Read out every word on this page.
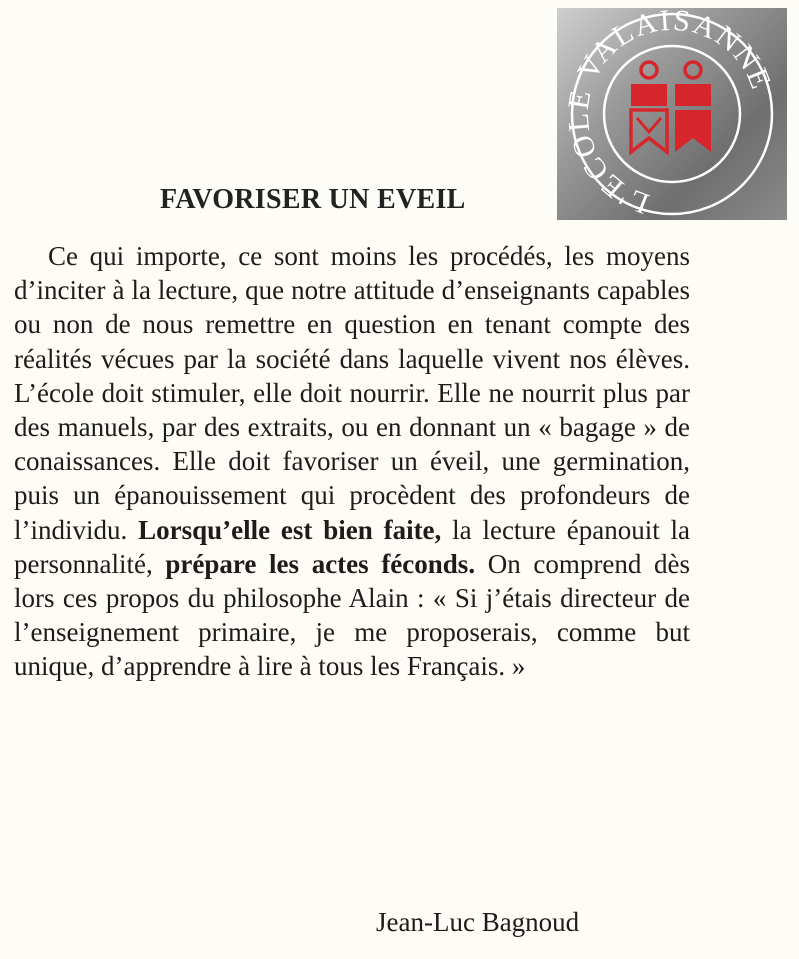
L'ECOLE VALAISANNE
FAVORISER UN EVEIL

Ce qui importe, ce sont moins les procédés, les moyens d’inciter à la lecture, que notre attitude d’enseignants capables ou non de nous remettre en question en tenant compte des réalités vécues par la société dans laquelle vivent nos élèves. L’école doit stimuler, elle doit nourrir. Elle ne nourrit plus par des manuels, par des extraits, ou en donnant un « bagage » de conaissances. Elle doit favoriser un éveil, une germination, puis un épanouissement qui procèdent des profondeurs de l’individu. Lorsqu’elle est bien faite, la lecture épanouit la personnalité, prépare les actes féconds. On comprend dès lors ces propos du philosophe Alain : « Si j’étais directeur de l’enseignement primaire, je me proposerais, comme but unique, d’apprendre à lire à tous les Français. »

Jean-Luc Bagnoud
